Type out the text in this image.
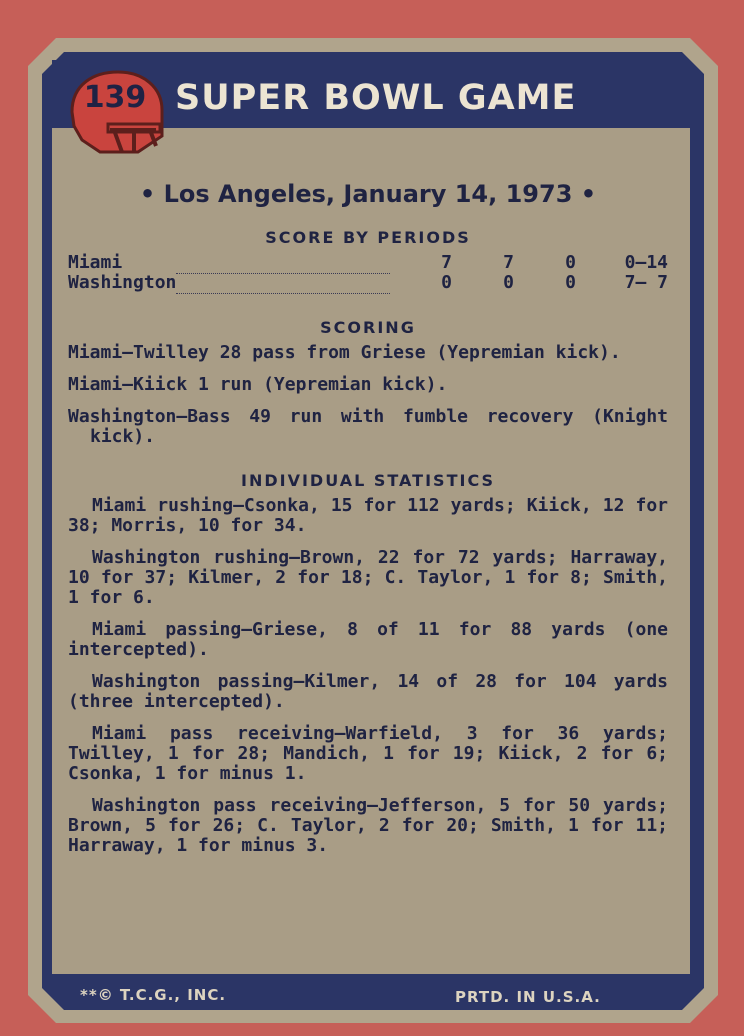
139 SUPER BOWL GAME
• Los Angeles, January 14, 1973 •
SCORE BY PERIODS
Miami		7	7	0	0—14
Washington		0	0	0	7— 7
SCORING

Miami—Twilley 28 pass from Griese (Yepremian kick).

Miami—Kiick 1 run (Yepremian kick).

Washington—Bass 49 run with fumble recovery (Knight kick).

INDIVIDUAL STATISTICS

Miami rushing—Csonka, 15 for 112 yards; Kiick, 12 for 38; Morris, 10 for 34.

Washington rushing—Brown, 22 for 72 yards; Harraway, 10 for 37; Kilmer, 2 for 18; C. Taylor, 1 for 8; Smith, 1 for 6.

Miami passing—Griese, 8 of 11 for 88 yards (one intercepted).

Washington passing—Kilmer, 14 of 28 for 104 yards (three intercepted).

Miami pass receiving—Warfield, 3 for 36 yards; Twilley, 1 for 28; Mandich, 1 for 19; Kiick, 2 for 6; Csonka, 1 for minus 1.

Washington pass receiving—Jefferson, 5 for 50 yards; Brown, 5 for 26; C. Taylor, 2 for 20; Smith, 1 for 11; Harraway, 1 for minus 3.

**© T.C.G., INC.	PRTD. IN U.S.A.
